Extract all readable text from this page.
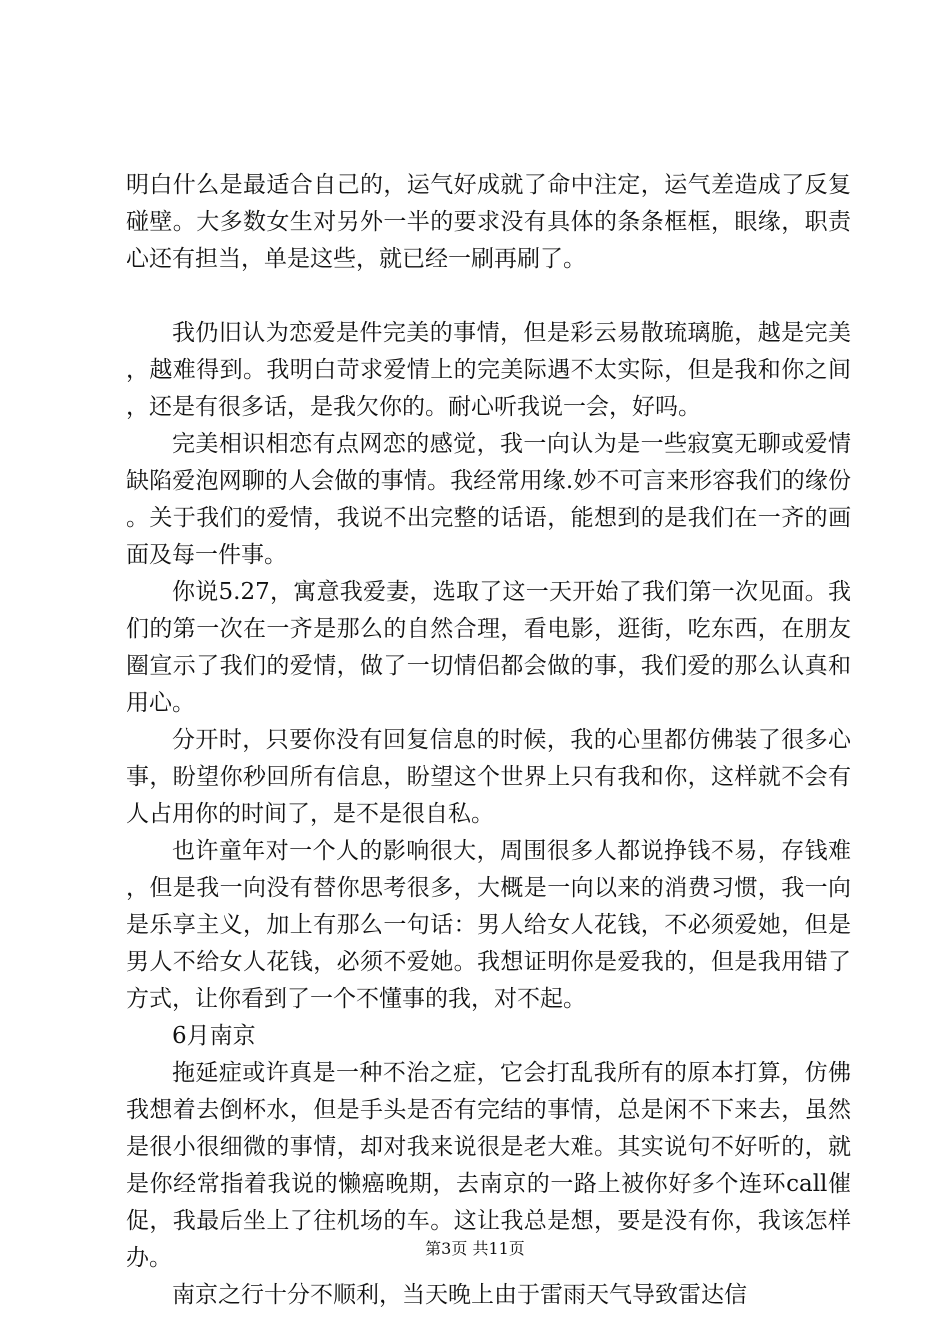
明白什么是最适合自己的，运气好成就了命中注定，运气差造成了反复碰壁。大多数女生对另外一半的要求没有具体的条条框框，眼缘，职责心还有担当，单是这些，就已经一刷再刷了。

我仍旧认为恋爱是件完美的事情，但是彩云易散琉璃脆，越是完美，越难得到。我明白苛求爱情上的完美际遇不太实际，但是我和你之间，还是有很多话，是我欠你的。耐心听我说一会，好吗。

完美相识相恋有点网恋的感觉，我一向认为是一些寂寞无聊或爱情缺陷爱泡网聊的人会做的事情。我经常用缘.妙不可言来形容我们的缘份。关于我们的爱情，我说不出完整的话语，能想到的是我们在一齐的画面及每一件事。

你说5.27，寓意我爱妻，选取了这一天开始了我们第一次见面。我们的第一次在一齐是那么的自然合理，看电影，逛街，吃东西，在朋友圈宣示了我们的爱情，做了一切情侣都会做的事，我们爱的那么认真和用心。

分开时，只要你没有回复信息的时候，我的心里都仿佛装了很多心事，盼望你秒回所有信息，盼望这个世界上只有我和你，这样就不会有人占用你的时间了，是不是很自私。

也许童年对一个人的影响很大，周围很多人都说挣钱不易，存钱难，但是我一向没有替你思考很多，大概是一向以来的消费习惯，我一向是乐享主义，加上有那么一句话：男人给女人花钱，不必须爱她，但是男人不给女人花钱，必须不爱她。我想证明你是爱我的，但是我用错了方式，让你看到了一个不懂事的我，对不起。

6月南京

拖延症或许真是一种不治之症，它会打乱我所有的原本打算，仿佛我想着去倒杯水，但是手头是否有完结的事情，总是闲不下来去，虽然是很小很细微的事情，却对我来说很是老大难。其实说句不好听的，就是你经常指着我说的懒癌晚期，去南京的一路上被你好多个连环call催促，我最后坐上了往机场的车。这让我总是想，要是没有你，我该怎样办。

南京之行十分不顺利，当天晚上由于雷雨天气导致雷达信

第3页 共11页
